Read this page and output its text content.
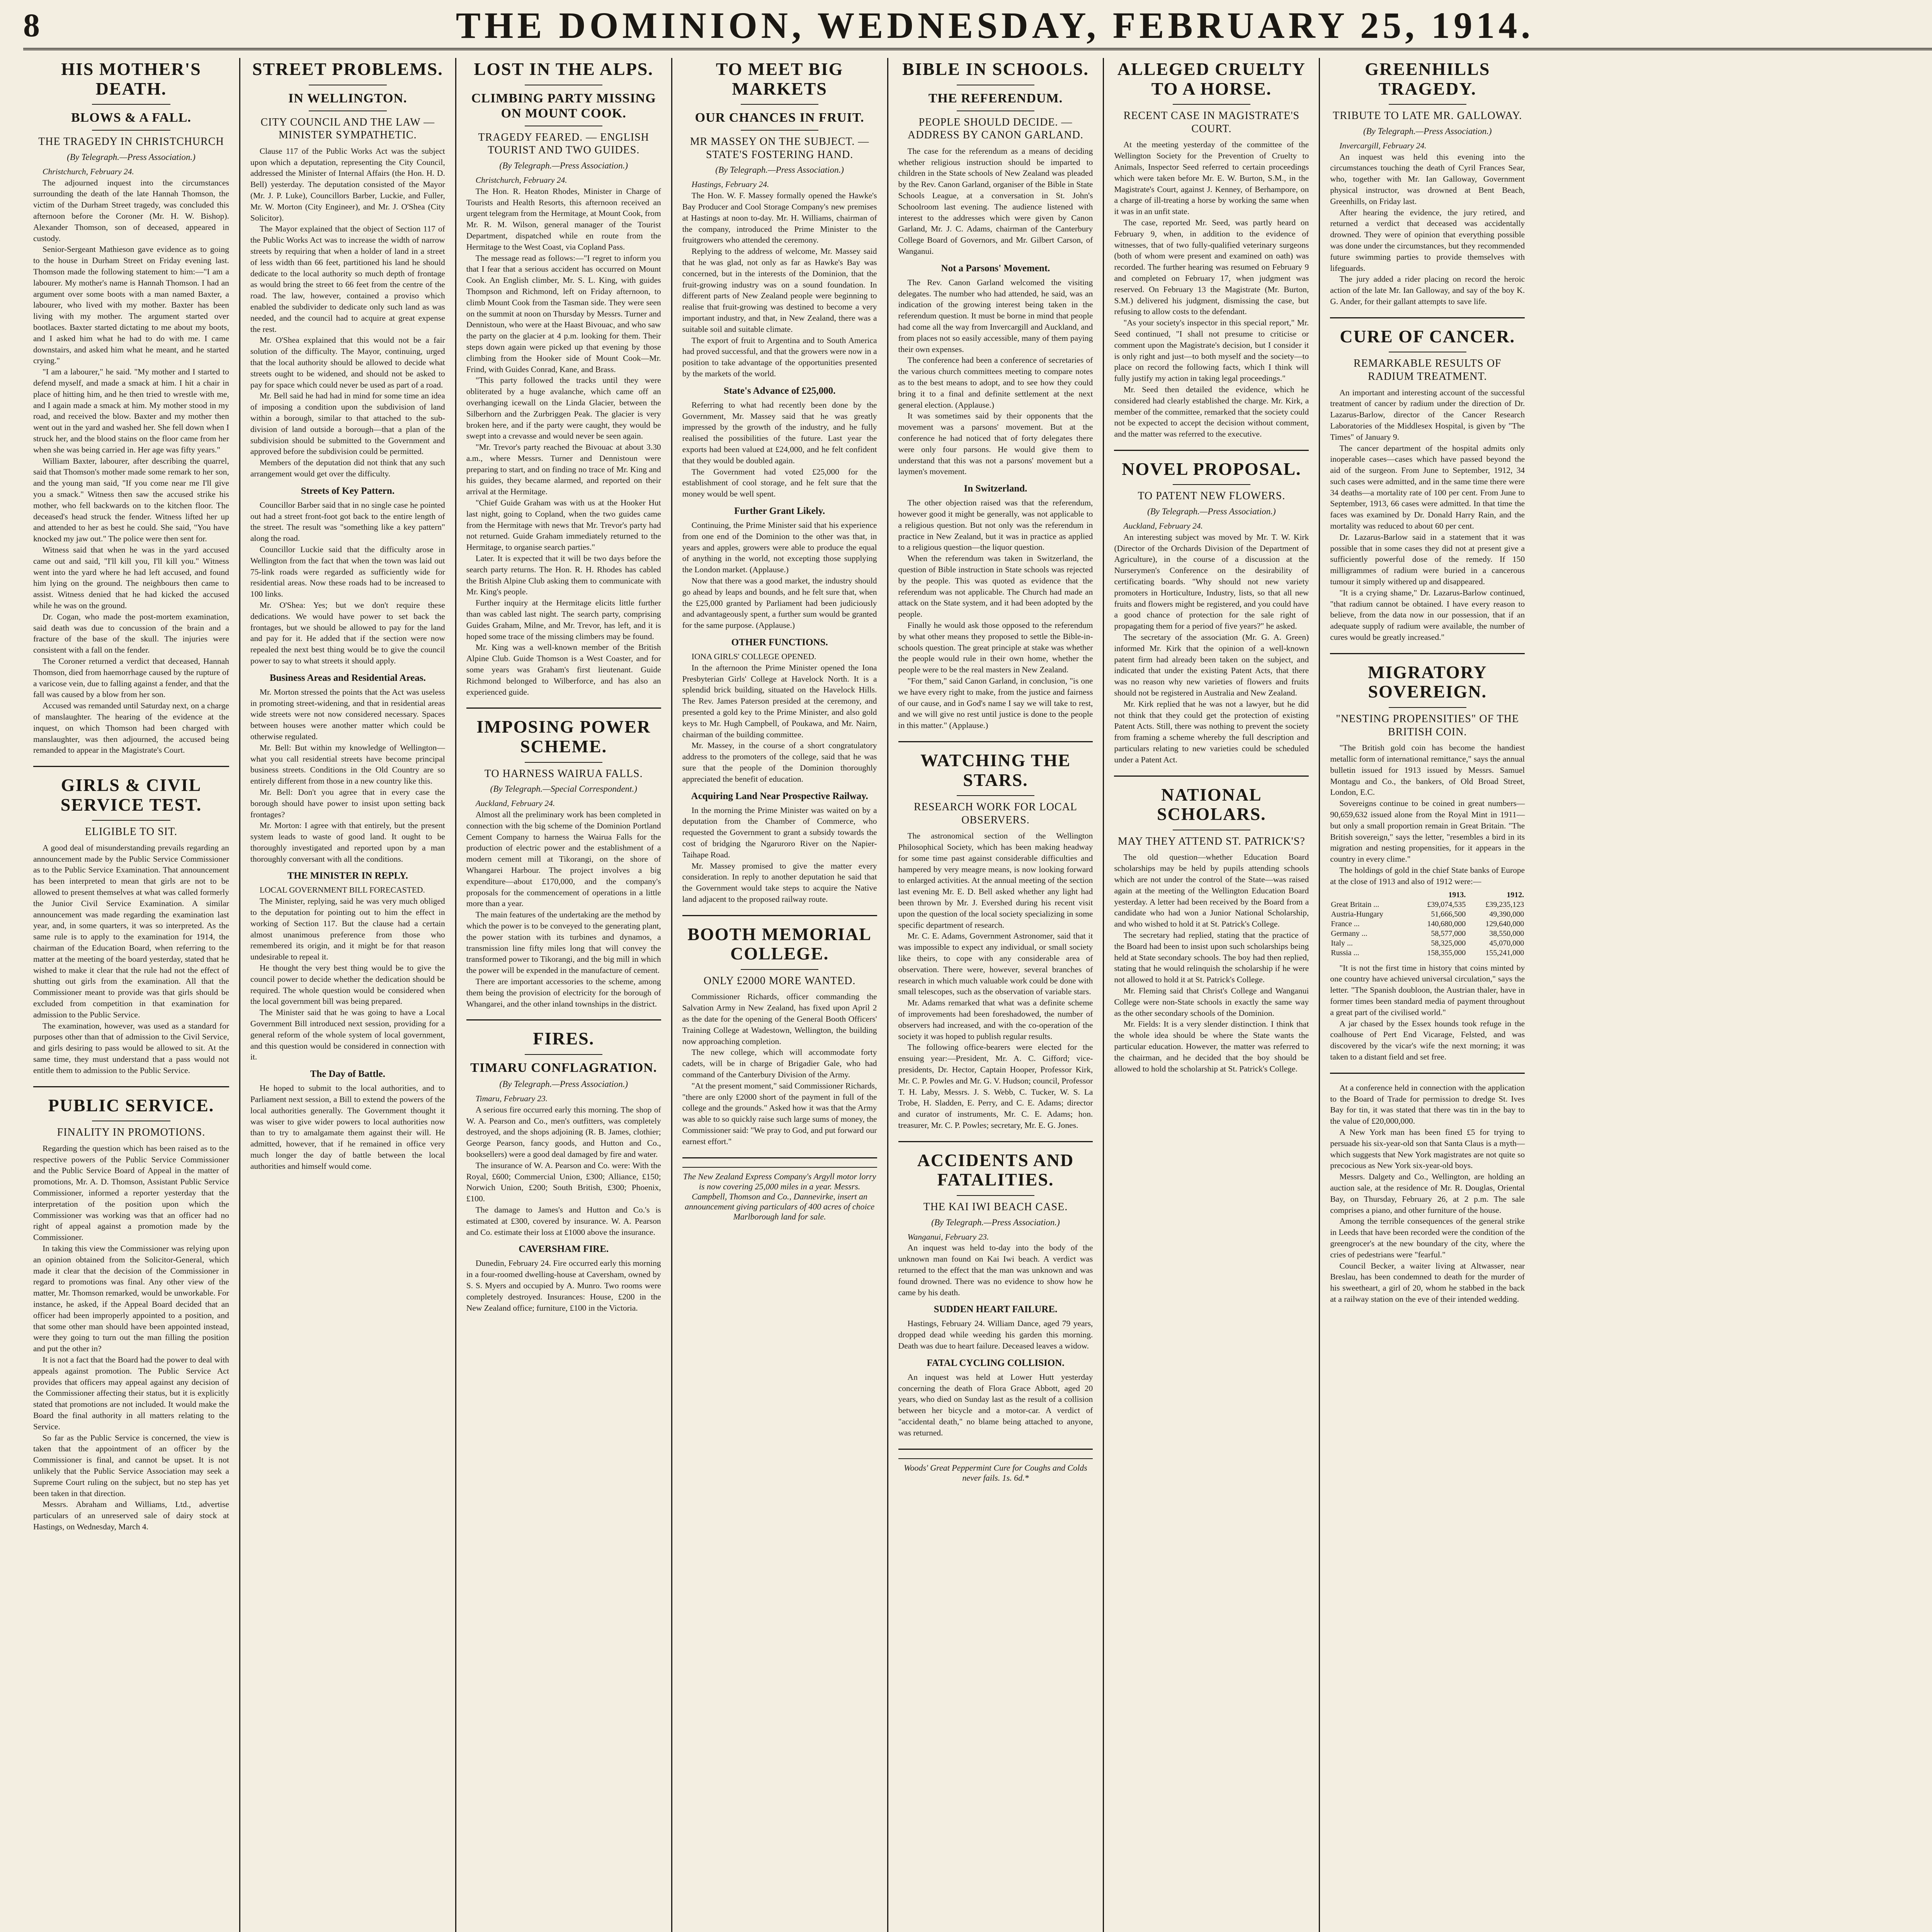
8	THE DOMINION, WEDNESDAY, FEBRUARY 25, 1914.
HIS MOTHER'S DEATH.
BLOWS & A FALL.
THE TRAGEDY IN CHRISTCHURCH
(By Telegraph.—Press Association.)

Christchurch, February 24.

The adjourned inquest into the circumstances surrounding the death of the late Hannah Thomson, the victim of the Durham Street tragedy, was concluded this afternoon before the Coroner (Mr. H. W. Bishop). Alexander Thomson, son of deceased, appeared in custody.

Senior-Sergeant Mathieson gave evidence as to going to the house in Durham Street on Friday evening last. Thomson made the following statement to him:—"I am a labourer. My mother's name is Hannah Thomson. I had an argument over some boots with a man named Baxter, a labourer, who lived with my mother. Baxter has been living with my mother. The argument started over bootlaces. Baxter started dictating to me about my boots, and I asked him what he had to do with me. I came downstairs, and asked him what he meant, and he started crying."

"I am a labourer," he said. "My mother and I started to defend myself, and made a smack at him. I hit a chair in place of hitting him, and he then tried to wrestle with me, and I again made a smack at him. My mother stood in my road, and received the blow. Baxter and my mother then went out in the yard and washed her. She fell down when I struck her, and the blood stains on the floor came from her when she was being carried in. Her age was fifty years."

William Baxter, labourer, after describing the quarrel, said that Thomson's mother made some remark to her son, and the young man said, "If you come near me I'll give you a smack." Witness then saw the accused strike his mother, who fell backwards on to the kitchen floor. The deceased's head struck the fender. Witness lifted her up and attended to her as best he could. She said, "You have knocked my jaw out." The police were then sent for.

Witness said that when he was in the yard accused came out and said, "I'll kill you, I'll kill you." Witness went into the yard where he had left accused, and found him lying on the ground. The neighbours then came to assist. Witness denied that he had kicked the accused while he was on the ground.

Dr. Cogan, who made the post-mortem examination, said death was due to concussion of the brain and a fracture of the base of the skull. The injuries were consistent with a fall on the fender.

The Coroner returned a verdict that deceased, Hannah Thomson, died from haemorrhage caused by the rupture of a varicose vein, due to falling against a fender, and that the fall was caused by a blow from her son.

Accused was remanded until Saturday next, on a charge of manslaughter. The hearing of the evidence at the inquest, on which Thomson had been charged with manslaughter, was then adjourned, the accused being remanded to appear in the Magistrate's Court.

GIRLS & CIVIL SERVICE TEST.
ELIGIBLE TO SIT.

A good deal of misunderstanding prevails regarding an announcement made by the Public Service Commissioner as to the Public Service Examination. That announcement has been interpreted to mean that girls are not to be allowed to present themselves at what was called formerly the Junior Civil Service Examination. A similar announcement was made regarding the examination last year, and, in some quarters, it was so interpreted. As the same rule is to apply to the examination for 1914, the chairman of the Education Board, when referring to the matter at the meeting of the board yesterday, stated that he wished to make it clear that the rule had not the effect of shutting out girls from the examination. All that the Commissioner meant to provide was that girls should be excluded from competition in that examination for admission to the Public Service.

The examination, however, was used as a standard for purposes other than that of admission to the Civil Service, and girls desiring to pass would be allowed to sit. At the same time, they must understand that a pass would not entitle them to admission to the Public Service.

PUBLIC SERVICE.
FINALITY IN PROMOTIONS.

Regarding the question which has been raised as to the respective powers of the Public Service Commissioner and the Public Service Board of Appeal in the matter of promotions, Mr. A. D. Thomson, Assistant Public Service Commissioner, informed a reporter yesterday that the interpretation of the position upon which the Commissioner was working was that an officer had no right of appeal against a promotion made by the Commissioner.

In taking this view the Commissioner was relying upon an opinion obtained from the Solicitor-General, which made it clear that the decision of the Commissioner in regard to promotions was final. Any other view of the matter, Mr. Thomson remarked, would be unworkable. For instance, he asked, if the Appeal Board decided that an officer had been improperly appointed to a position, and that some other man should have been appointed instead, were they going to turn out the man filling the position and put the other in?

It is not a fact that the Board had the power to deal with appeals against promotion. The Public Service Act provides that officers may appeal against any decision of the Commissioner affecting their status, but it is explicitly stated that promotions are not included. It would make the Board the final authority in all matters relating to the Service.

So far as the Public Service is concerned, the view is taken that the appointment of an officer by the Commissioner is final, and cannot be upset. It is not unlikely that the Public Service Association may seek a Supreme Court ruling on the subject, but no step has yet been taken in that direction.

Messrs. Abraham and Williams, Ltd., advertise particulars of an unreserved sale of dairy stock at Hastings, on Wednesday, March 4.

STREET PROBLEMS.
IN WELLINGTON.
CITY COUNCIL AND THE LAW — MINISTER SYMPATHETIC.

Clause 117 of the Public Works Act was the subject upon which a deputation, representing the City Council, addressed the Minister of Internal Affairs (the Hon. H. D. Bell) yesterday. The deputation consisted of the Mayor (Mr. J. P. Luke), Councillors Barber, Luckie, and Fuller, Mr. W. Morton (City Engineer), and Mr. J. O'Shea (City Solicitor).

The Mayor explained that the object of Section 117 of the Public Works Act was to increase the width of narrow streets by requiring that when a holder of land in a street of less width than 66 feet, partitioned his land he should dedicate to the local authority so much depth of frontage as would bring the street to 66 feet from the centre of the road. The law, however, contained a proviso which enabled the subdivider to dedicate only such land as was needed, and the council had to acquire at great expense the rest.

Mr. O'Shea explained that this would not be a fair solution of the difficulty. The Mayor, continuing, urged that the local authority should be allowed to decide what streets ought to be widened, and should not be asked to pay for space which could never be used as part of a road.

Mr. Bell said he had had in mind for some time an idea of imposing a condition upon the subdivision of land within a borough, similar to that attached to the sub-division of land outside a borough—that a plan of the subdivision should be submitted to the Government and approved before the subdivision could be permitted.

Members of the deputation did not think that any such arrangement would get over the difficulty.

Streets of Key Pattern.

Councillor Barber said that in no single case he pointed out had a street front-foot got back to the entire length of the street. The result was "something like a key pattern" along the road.

Councillor Luckie said that the difficulty arose in Wellington from the fact that when the town was laid out 75-link roads were regarded as sufficiently wide for residential areas. Now these roads had to be increased to 100 links.

Mr. O'Shea: Yes; but we don't require these dedications. We would have power to set back the frontages, but we should be allowed to pay for the land and pay for it. He added that if the section were now repealed the next best thing would be to give the council power to say to what streets it should apply.

Business Areas and Residential Areas.

Mr. Morton stressed the points that the Act was useless in promoting street-widening, and that in residential areas wide streets were not now considered necessary. Spaces between houses were another matter which could be otherwise regulated.

Mr. Bell: But within my knowledge of Wellington—what you call residential streets have become principal business streets. Conditions in the Old Country are so entirely different from those in a new country like this.

Mr. Bell: Don't you agree that in every case the borough should have power to insist upon setting back frontages?

Mr. Morton: I agree with that entirely, but the present system leads to waste of good land. It ought to be thoroughly investigated and reported upon by a man thoroughly conversant with all the conditions.

THE MINISTER IN REPLY.

LOCAL GOVERNMENT BILL FORECASTED.

The Minister, replying, said he was very much obliged to the deputation for pointing out to him the effect in working of Section 117. But the clause had a certain almost unanimous preference from those who remembered its origin, and it might be for that reason undesirable to repeal it.

He thought the very best thing would be to give the council power to decide whether the dedication should be required. The whole question would be considered when the local government bill was being prepared.

The Minister said that he was going to have a Local Government Bill introduced next session, providing for a general reform of the whole system of local government, and this question would be considered in connection with it.

The Day of Battle.

He hoped to submit to the local authorities, and to Parliament next session, a Bill to extend the powers of the local authorities generally. The Government thought it was wiser to give wider powers to local authorities now than to try to amalgamate them against their will. He admitted, however, that if he remained in office very much longer the day of battle between the local authorities and himself would come.

LOST IN THE ALPS.
CLIMBING PARTY MISSING ON MOUNT COOK.
TRAGEDY FEARED. — ENGLISH TOURIST AND TWO GUIDES.
(By Telegraph.—Press Association.)

Christchurch, February 24.

The Hon. R. Heaton Rhodes, Minister in Charge of Tourists and Health Resorts, this afternoon received an urgent telegram from the Hermitage, at Mount Cook, from Mr. R. M. Wilson, general manager of the Tourist Department, dispatched while en route from the Hermitage to the West Coast, via Copland Pass.

The message read as follows:—"I regret to inform you that I fear that a serious accident has occurred on Mount Cook. An English climber, Mr. S. L. King, with guides Thompson and Richmond, left on Friday afternoon, to climb Mount Cook from the Tasman side. They were seen on the summit at noon on Thursday by Messrs. Turner and Dennistoun, who were at the Haast Bivouac, and who saw the party on the glacier at 4 p.m. looking for them. Their steps down again were picked up that evening by those climbing from the Hooker side of Mount Cook—Mr. Frind, with Guides Conrad, Kane, and Brass.

"This party followed the tracks until they were obliterated by a huge avalanche, which came off an overhanging icewall on the Linda Glacier, between the Silberhorn and the Zurbriggen Peak. The glacier is very broken here, and if the party were caught, they would be swept into a crevasse and would never be seen again.

"Mr. Trevor's party reached the Bivouac at about 3.30 a.m., where Messrs. Turner and Dennistoun were preparing to start, and on finding no trace of Mr. King and his guides, they became alarmed, and reported on their arrival at the Hermitage.

"Chief Guide Graham was with us at the Hooker Hut last night, going to Copland, when the two guides came from the Hermitage with news that Mr. Trevor's party had not returned. Guide Graham immediately returned to the Hermitage, to organise search parties."

Later. It is expected that it will be two days before the search party returns. The Hon. R. H. Rhodes has cabled the British Alpine Club asking them to communicate with Mr. King's people.

Further inquiry at the Hermitage elicits little further than was cabled last night. The search party, comprising Guides Graham, Milne, and Mr. Trevor, has left, and it is hoped some trace of the missing climbers may be found.

Mr. King was a well-known member of the British Alpine Club. Guide Thomson is a West Coaster, and for some years was Graham's first lieutenant. Guide Richmond belonged to Wilberforce, and has also an experienced guide.

IMPOSING POWER SCHEME.
TO HARNESS WAIRUA FALLS.
(By Telegraph.—Special Correspondent.)

Auckland, February 24.

Almost all the preliminary work has been completed in connection with the big scheme of the Dominion Portland Cement Company to harness the Wairua Falls for the production of electric power and the establishment of a modern cement mill at Tikorangi, on the shore of Whangarei Harbour. The project involves a big expenditure—about £170,000, and the company's proposals for the commencement of operations in a little more than a year.

The main features of the undertaking are the method by which the power is to be conveyed to the generating plant, the power station with its turbines and dynamos, a transmission line fifty miles long that will convey the transformed power to Tikorangi, and the big mill in which the power will be expended in the manufacture of cement.

There are important accessories to the scheme, among them being the provision of electricity for the borough of Whangarei, and the other inland townships in the district.

FIRES.
TIMARU CONFLAGRATION.
(By Telegraph.—Press Association.)

Timaru, February 23.

A serious fire occurred early this morning. The shop of W. A. Pearson and Co., men's outfitters, was completely destroyed, and the shops adjoining (R. B. James, clothier; George Pearson, fancy goods, and Hutton and Co., booksellers) were a good deal damaged by fire and water.

The insurance of W. A. Pearson and Co. were: With the Royal, £600; Commercial Union, £300; Alliance, £150; Norwich Union, £200; South British, £300; Phoenix, £100.

The damage to James's and Hutton and Co.'s is estimated at £300, covered by insurance. W. A. Pearson and Co. estimate their loss at £1000 above the insurance.

CAVERSHAM FIRE.

Dunedin, February 24. Fire occurred early this morning in a four-roomed dwelling-house at Caversham, owned by S. S. Myers and occupied by A. Munro. Two rooms were completely destroyed. Insurances: House, £200 in the New Zealand office; furniture, £100 in the Victoria.

TO MEET BIG MARKETS
OUR CHANCES IN FRUIT.
MR MASSEY ON THE SUBJECT. — STATE'S FOSTERING HAND.
(By Telegraph.—Press Association.)

Hastings, February 24.

The Hon. W. F. Massey formally opened the Hawke's Bay Producer and Cool Storage Company's new premises at Hastings at noon to-day. Mr. H. Williams, chairman of the company, introduced the Prime Minister to the fruitgrowers who attended the ceremony.

Replying to the address of welcome, Mr. Massey said that he was glad, not only as far as Hawke's Bay was concerned, but in the interests of the Dominion, that the fruit-growing industry was on a sound foundation. In different parts of New Zealand people were beginning to realise that fruit-growing was destined to become a very important industry, and that, in New Zealand, there was a suitable soil and suitable climate.

The export of fruit to Argentina and to South America had proved successful, and that the growers were now in a position to take advantage of the opportunities presented by the markets of the world.

State's Advance of £25,000.

Referring to what had recently been done by the Government, Mr. Massey said that he was greatly impressed by the growth of the industry, and he fully realised the possibilities of the future. Last year the exports had been valued at £24,000, and he felt confident that they would be doubled again.

The Government had voted £25,000 for the establishment of cool storage, and he felt sure that the money would be well spent.

Further Grant Likely.

Continuing, the Prime Minister said that his experience from one end of the Dominion to the other was that, in years and apples, growers were able to produce the equal of anything in the world, not excepting those supplying the London market. (Applause.)

Now that there was a good market, the industry should go ahead by leaps and bounds, and he felt sure that, when the £25,000 granted by Parliament had been judiciously and advantageously spent, a further sum would be granted for the same purpose. (Applause.)

OTHER FUNCTIONS.

IONA GIRLS' COLLEGE OPENED.

In the afternoon the Prime Minister opened the Iona Presbyterian Girls' College at Havelock North. It is a splendid brick building, situated on the Havelock Hills. The Rev. James Paterson presided at the ceremony, and presented a gold key to the Prime Minister, and also gold keys to Mr. Hugh Campbell, of Poukawa, and Mr. Nairn, chairman of the building committee.

Mr. Massey, in the course of a short congratulatory address to the promoters of the college, said that he was sure that the people of the Dominion thoroughly appreciated the benefit of education.

Acquiring Land Near Prospective Railway.

In the morning the Prime Minister was waited on by a deputation from the Chamber of Commerce, who requested the Government to grant a subsidy towards the cost of bridging the Ngaruroro River on the Napier-Taihape Road.

Mr. Massey promised to give the matter every consideration. In reply to another deputation he said that the Government would take steps to acquire the Native land adjacent to the proposed railway route.

BOOTH MEMORIAL COLLEGE.
ONLY £2000 MORE WANTED.

Commissioner Richards, officer commanding the Salvation Army in New Zealand, has fixed upon April 2 as the date for the opening of the General Booth Officers' Training College at Wadestown, Wellington, the building now approaching completion.

The new college, which will accommodate forty cadets, will be in charge of Brigadier Gale, who had command of the Canterbury Division of the Army.

"At the present moment," said Commissioner Richards, "there are only £2000 short of the payment in full of the college and the grounds." Asked how it was that the Army was able to so quickly raise such large sums of money, the Commissioner said: "We pray to God, and put forward our earnest effort."

The New Zealand Express Company's Argyll motor lorry is now covering 25,000 miles in a year. Messrs. Campbell, Thomson and Co., Dannevirke, insert an announcement giving particulars of 400 acres of choice Marlborough land for sale.
BIBLE IN SCHOOLS.
THE REFERENDUM.
PEOPLE SHOULD DECIDE. — ADDRESS BY CANON GARLAND.

The case for the referendum as a means of deciding whether religious instruction should be imparted to children in the State schools of New Zealand was pleaded by the Rev. Canon Garland, organiser of the Bible in State Schools League, at a conversation in St. John's Schoolroom last evening. The audience listened with interest to the addresses which were given by Canon Garland, Mr. J. C. Adams, chairman of the Canterbury College Board of Governors, and Mr. Gilbert Carson, of Wanganui.

Not a Parsons' Movement.

The Rev. Canon Garland welcomed the visiting delegates. The number who had attended, he said, was an indication of the growing interest being taken in the referendum question. It must be borne in mind that people had come all the way from Invercargill and Auckland, and from places not so easily accessible, many of them paying their own expenses.

The conference had been a conference of secretaries of the various church committees meeting to compare notes as to the best means to adopt, and to see how they could bring it to a final and definite settlement at the next general election. (Applause.)

It was sometimes said by their opponents that the movement was a parsons' movement. But at the conference he had noticed that of forty delegates there were only four parsons. He would give them to understand that this was not a parsons' movement but a laymen's movement.

In Switzerland.

The other objection raised was that the referendum, however good it might be generally, was not applicable to a religious question. But not only was the referendum in practice in New Zealand, but it was in practice as applied to a religious question—the liquor question.

When the referendum was taken in Switzerland, the question of Bible instruction in State schools was rejected by the people. This was quoted as evidence that the referendum was not applicable. The Church had made an attack on the State system, and it had been adopted by the people.

Finally he would ask those opposed to the referendum by what other means they proposed to settle the Bible-in-schools question. The great principle at stake was whether the people would rule in their own home, whether the people were to be the real masters in New Zealand.

"For them," said Canon Garland, in conclusion, "is one we have every right to make, from the justice and fairness of our cause, and in God's name I say we will take to rest, and we will give no rest until justice is done to the people in this matter." (Applause.)

WATCHING THE STARS.
RESEARCH WORK FOR LOCAL OBSERVERS.

The astronomical section of the Wellington Philosophical Society, which has been making headway for some time past against considerable difficulties and hampered by very meagre means, is now looking forward to enlarged activities. At the annual meeting of the section last evening Mr. E. D. Bell asked whether any light had been thrown by Mr. J. Evershed during his recent visit upon the question of the local society specializing in some specific department of research.

Mr. C. E. Adams, Government Astronomer, said that it was impossible to expect any individual, or small society like theirs, to cope with any considerable area of observation. There were, however, several branches of research in which much valuable work could be done with small telescopes, such as the observation of variable stars.

Mr. Adams remarked that what was a definite scheme of improvements had been foreshadowed, the number of observers had increased, and with the co-operation of the society it was hoped to publish regular results.

The following office-bearers were elected for the ensuing year:—President, Mr. A. C. Gifford; vice-presidents, Dr. Hector, Captain Hooper, Professor Kirk, Mr. C. P. Powles and Mr. G. V. Hudson; council, Professor T. H. Laby, Messrs. J. S. Webb, C. Tucker, W. S. La Trobe, H. Sladden, E. Perry, and C. E. Adams; director and curator of instruments, Mr. C. E. Adams; hon. treasurer, Mr. C. P. Powles; secretary, Mr. E. G. Jones.

ACCIDENTS AND FATALITIES.
THE KAI IWI BEACH CASE.
(By Telegraph.—Press Association.)

Wanganui, February 23.

An inquest was held to-day into the body of the unknown man found on Kai Iwi beach. A verdict was returned to the effect that the man was unknown and was found drowned. There was no evidence to show how he came by his death.

SUDDEN HEART FAILURE.

Hastings, February 24. William Dance, aged 79 years, dropped dead while weeding his garden this morning. Death was due to heart failure. Deceased leaves a widow.

FATAL CYCLING COLLISION.

An inquest was held at Lower Hutt yesterday concerning the death of Flora Grace Abbott, aged 20 years, who died on Sunday last as the result of a collision between her bicycle and a motor-car. A verdict of "accidental death," no blame being attached to anyone, was returned.

Woods' Great Peppermint Cure for Coughs and Colds never fails. 1s. 6d.*
ALLEGED CRUELTY TO A HORSE.
RECENT CASE IN MAGISTRATE'S COURT.

At the meeting yesterday of the committee of the Wellington Society for the Prevention of Cruelty to Animals, Inspector Seed referred to certain proceedings which were taken before Mr. E. W. Burton, S.M., in the Magistrate's Court, against J. Kenney, of Berhampore, on a charge of ill-treating a horse by working the same when it was in an unfit state.

The case, reported Mr. Seed, was partly heard on February 9, when, in addition to the evidence of witnesses, that of two fully-qualified veterinary surgeons (both of whom were present and examined on oath) was recorded. The further hearing was resumed on February 9 and completed on February 17, when judgment was reserved. On February 13 the Magistrate (Mr. Burton, S.M.) delivered his judgment, dismissing the case, but refusing to allow costs to the defendant.

"As your society's inspector in this special report," Mr. Seed continued, "I shall not presume to criticise or comment upon the Magistrate's decision, but I consider it is only right and just—to both myself and the society—to place on record the following facts, which I think will fully justify my action in taking legal proceedings."

Mr. Seed then detailed the evidence, which he considered had clearly established the charge. Mr. Kirk, a member of the committee, remarked that the society could not be expected to accept the decision without comment, and the matter was referred to the executive.

NOVEL PROPOSAL.
TO PATENT NEW FLOWERS.
(By Telegraph.—Press Association.)

Auckland, February 24.

An interesting subject was moved by Mr. T. W. Kirk (Director of the Orchards Division of the Department of Agriculture), in the course of a discussion at the Nurserymen's Conference on the desirability of certificating boards. "Why should not new variety promoters in Horticulture, Industry, lists, so that all new fruits and flowers might be registered, and you could have a good chance of protection for the sale right of propagating them for a period of five years?" he asked.

The secretary of the association (Mr. G. A. Green) informed Mr. Kirk that the opinion of a well-known patent firm had already been taken on the subject, and indicated that under the existing Patent Acts, that there was no reason why new varieties of flowers and fruits should not be registered in Australia and New Zealand.

Mr. Kirk replied that he was not a lawyer, but he did not think that they could get the protection of existing Patent Acts. Still, there was nothing to prevent the society from framing a scheme whereby the full description and particulars relating to new varieties could be scheduled under a Patent Act.

NATIONAL SCHOLARS.
MAY THEY ATTEND ST. PATRICK'S?

The old question—whether Education Board scholarships may be held by pupils attending schools which are not under the control of the State—was raised again at the meeting of the Wellington Education Board yesterday. A letter had been received by the Board from a candidate who had won a Junior National Scholarship, and who wished to hold it at St. Patrick's College.

The secretary had replied, stating that the practice of the Board had been to insist upon such scholarships being held at State secondary schools. The boy had then replied, stating that he would relinquish the scholarship if he were not allowed to hold it at St. Patrick's College.

Mr. Fleming said that Christ's College and Wanganui College were non-State schools in exactly the same way as the other secondary schools of the Dominion.

Mr. Fields: It is a very slender distinction. I think that the whole idea should be where the State wants the particular education. However, the matter was referred to the chairman, and he decided that the boy should be allowed to hold the scholarship at St. Patrick's College.

GREENHILLS TRAGEDY.
TRIBUTE TO LATE MR. GALLOWAY.
(By Telegraph.—Press Association.)

Invercargill, February 24.

An inquest was held this evening into the circumstances touching the death of Cyril Frances Sear, who, together with Mr. Ian Galloway, Government physical instructor, was drowned at Bent Beach, Greenhills, on Friday last.

After hearing the evidence, the jury retired, and returned a verdict that deceased was accidentally drowned. They were of opinion that everything possible was done under the circumstances, but they recommended future swimming parties to provide themselves with lifeguards.

The jury added a rider placing on record the heroic action of the late Mr. Ian Galloway, and say of the boy K. G. Ander, for their gallant attempts to save life.

CURE OF CANCER.
REMARKABLE RESULTS OF RADIUM TREATMENT.

An important and interesting account of the successful treatment of cancer by radium under the direction of Dr. Lazarus-Barlow, director of the Cancer Research Laboratories of the Middlesex Hospital, is given by "The Times" of January 9.

The cancer department of the hospital admits only inoperable cases—cases which have passed beyond the aid of the surgeon. From June to September, 1912, 34 such cases were admitted, and in the same time there were 34 deaths—a mortality rate of 100 per cent. From June to September, 1913, 66 cases were admitted. In that time the faces was examined by Dr. Donald Harry Rain, and the mortality was reduced to about 60 per cent.

Dr. Lazarus-Barlow said in a statement that it was possible that in some cases they did not at present give a sufficiently powerful dose of the remedy. If 150 milligrammes of radium were buried in a cancerous tumour it simply withered up and disappeared.

"It is a crying shame," Dr. Lazarus-Barlow continued, "that radium cannot be obtained. I have every reason to believe, from the data now in our possession, that if an adequate supply of radium were available, the number of cures would be greatly increased."

MIGRATORY SOVEREIGN.
"NESTING PROPENSITIES" OF THE BRITISH COIN.

"The British gold coin has become the handiest metallic form of international remittance," says the annual bulletin issued for 1913 issued by Messrs. Samuel Montagu and Co., the bankers, of Old Broad Street, London, E.C.

Sovereigns continue to be coined in great numbers—90,659,632 issued alone from the Royal Mint in 1911—but only a small proportion remain in Great Britain. "The British sovereign," says the letter, "resembles a bird in its migration and nesting propensities, for it appears in the country in every clime."

The holdings of gold in the chief State banks of Europe at the close of 1913 and also of 1912 were:—

	1913.	1912.
Great Britain ...	£39,074,535	£39,235,123
Austria-Hungary	51,666,500	49,390,000
France ...	140,680,000	129,640,000
Germany ...	58,577,000	38,550,000
Italy ...	58,325,000	45,070,000
Russia ...	158,355,000	155,241,000

"It is not the first time in history that coins minted by one country have achieved universal circulation," says the letter. "The Spanish doubloon, the Austrian thaler, have in former times been standard media of payment throughout a great part of the civilised world."

A jar chased by the Essex hounds took refuge in the coalhouse of Pert End Vicarage, Felsted, and was discovered by the vicar's wife the next morning; it was taken to a distant field and set free.

At a conference held in connection with the application to the Board of Trade for permission to dredge St. Ives Bay for tin, it was stated that there was tin in the bay to the value of £20,000,000.

A New York man has been fined £5 for trying to persuade his six-year-old son that Santa Claus is a myth—which suggests that New York magistrates are not quite so precocious as New York six-year-old boys.

Messrs. Dalgety and Co., Wellington, are holding an auction sale, at the residence of Mr. R. Douglas, Oriental Bay, on Thursday, February 26, at 2 p.m. The sale comprises a piano, and other furniture of the house.

Among the terrible consequences of the general strike in Leeds that have been recorded were the condition of the greengrocer's at the new boundary of the city, where the cries of pedestrians were "fearful."

Council Becker, a waiter living at Altwasser, near Breslau, has been condemned to death for the murder of his sweetheart, a girl of 20, whom he stabbed in the back at a railway station on the eve of their intended wedding.
